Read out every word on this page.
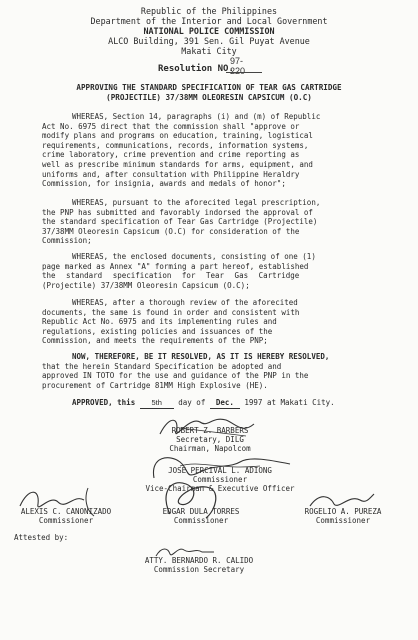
Republic of the Philippines
Department of the Interior and Local Government
NATIONAL POLICE COMMISSION
ALCO Building, 391 Sen. Gil Puyat Avenue
Makati City
Resolution NO.
97-220
APPROVING THE STANDARD SPECIFICATION OF TEAR GAS CARTRIDGE
(PROJECTILE) 37/38MM OLEORESIN CAPSICUM (O.C)
WHEREAS, Section 14, paragraphs (i) and (m) of Republic
Act No. 6975 direct that the commission shall "approve or
modify plans and programs on education, training, logistical
requirements, communications, records, information systems,
crime laboratory, crime prevention and crime reporting as
well as prescribe minimum standards for arms, equipment, and
uniforms and, after consultation with Philippine Heraldry
Commission, for insignia, awards and medals of honor";
WHEREAS, pursuant to the aforecited legal prescription,
the PNP has submitted and favorably indorsed the approval of
the standard specification of Tear Gas Cartridge (Projectile)
37/38MM Oleoresin Capsicum (O.C) for consideration of the
Commission;
WHEREAS, the enclosed documents, consisting of one (1)
page marked as Annex "A" forming a part hereof, established
the standard specification for Tear Gas Cartridge
(Projectile) 37/38MM Oleoresin Capsicum (O.C);
WHEREAS, after a thorough review of the aforecited
documents, the same is found in order and consistent with
Republic Act No. 6975 and its implementing rules and
regulations, existing policies and issuances of the
Commission, and meets the requirements of the PNP;
NOW, THEREFORE, BE IT RESOLVED, AS IT IS HEREBY RESOLVED,
that the herein Standard Specification be adopted and
approved IN TOTO for the use and guidance of the PNP in the
procurement of Cartridge 81MM High Explosive (HE).
APPROVED, this 5th day of Dec. 1997 at Makati City.
ROBERT Z. BARBERS
Secretary, DILG
Chairman, Napolcom
JOSE PERCIVAL L. ADIONG
Commissioner
Vice-Chairman & Executive Officer
ALEXIS C. CANONIZADO
Commissioner
EDGAR DULA TORRES
Commissioner
ROGELIO A. PUREZA
Commissioner
Attested by:
ATTY. BERNARDO R. CALIDO
Commission Secretary
